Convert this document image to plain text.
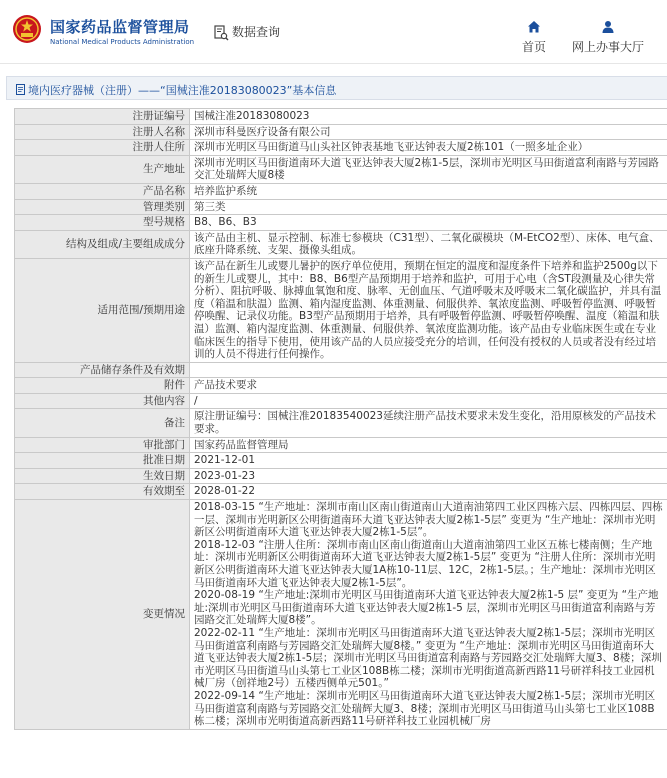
国家药品监督管理局
National Medical Products Administration
数据查询
首页	网上办事大厅
境内医疗器械（注册）——“国械注准20183080023”基本信息
注册证编号	国械注准20183080023
注册人名称	深圳市科曼医疗设备有限公司
注册人住所	深圳市光明区马田街道马山头社区钟表基地飞亚达钟表大厦2栋101（一照多址企业）
生产地址	深圳市光明区马田街道南环大道飞亚达钟表大厦2栋1-5层，深圳市光明区马田街道富利南路与芳园路交汇处瑞辉大厦8楼
产品名称	培养监护系统
管理类别	第三类
型号规格	B8、B6、B3
结构及组成/主要组成成分	该产品由主机、显示控制、标准七参模块（C31型）、二氧化碳模块（M-EtCO2型）、床体、电气盒、底座升降系统、支架、摄像头组成。
适用范围/预期用途	该产品在新生儿或婴儿暑护的医疗单位使用，预期在恒定的温度和湿度条件下培养和监护2500g以下的新生儿或婴儿，其中：B8、B6型产品预期用于培养和监护，可用于心电（含ST段测量及心律失常分析）、阻抗呼吸、脉搏血氧饱和度、脉率、无创血压、气道呼吸末及呼吸末二氧化碳监护，并具有温度（箱温和肤温）监测、箱内湿度监测、体重测量、伺服供养、氧浓度监测、呼吸暂停监测、呼吸暂停唤醒、记录仪功能。B3型产品预期用于培养，具有呼吸暂停监测、呼吸暂停唤醒、温度（箱温和肤温）监测、箱内湿度监测、体重测量、伺服供养、氧浓度监测功能。该产品由专业临床医生或在专业临床医生的指导下使用，使用该产品的人员应接受充分的培训，任何没有授权的人员或者没有经过培训的人员不得进行任何操作。
产品储存条件及有效期	
附件	产品技术要求
其他内容	/
备注	原注册证编号：国械注准20183540023延续注册产品技术要求未发生变化，沿用原核发的产品技术要求。
审批部门	国家药品监督管理局
批准日期	2021-12-01
生效日期	2023-01-23
有效期至	2028-01-22
变更情况	2018-03-15 “生产地址：深圳市南山区南山街道南山大道南油第四工业区四栋六层、四栋四层、四栋一层、深圳市光明新区公明街道南环大道飞亚达钟表大厦2栋1-5层” 变更为 “生产地址：深圳市光明新区公明街道南环大道飞亚达钟表大厦2栋1-5层”。
2018-12-03 “注册人住所：深圳市南山区南山街道南山大道南油第四工业区五栋七楼南侧；生产地址：深圳市光明新区公明街道南环大道飞亚达钟表大厦2栋1-5层” 变更为 “注册人住所：深圳市光明新区公明街道南环大道飞亚达钟表大厦1A栋10-11层、12C，2栋1-5层。；生产地址：深圳市光明区马田街道南环大道飞亚达钟表大厦2栋1-5层”。
2020-08-19 “生产地址:深圳市光明区马田街道南环大道飞亚达钟表大厦2栋1-5 层” 变更为 “生产地址:深圳市光明区马田街道南环大道飞亚达钟表大厦2栋1-5 层，深圳市光明区马田街道富利南路与芳园路交汇处瑞辉大厦8楼”。
2022-02-11 “生产地址：深圳市光明区马田街道南环大道飞亚达钟表大厦2栋1-5层；深圳市光明区马田街道富利南路与芳园路交汇处瑞辉大厦8楼。” 变更为 “生产地址：深圳市光明区马田街道南环大道飞亚达钟表大厦2栋1-5层；深圳市光明区马田街道富利南路与芳园路交汇处瑞辉大厦3、8楼；深圳市光明区马田街道马山头第七工业区108B栋二楼；深圳市光明街道高新西路11号研祥科技工业园机械厂房（创祥地2号）五楼西侧单元501。”
2022-09-14 “生产地址：深圳市光明区马田街道南环大道飞亚达钟表大厦2栋1-5层；深圳市光明区马田街道富利南路与芳园路交汇处瑞辉大厦3、8楼；深圳市光明区马田街道马山头第七工业区108B栋二楼；深圳市光明街道高新西路11号研祥科技工业园机械厂房
